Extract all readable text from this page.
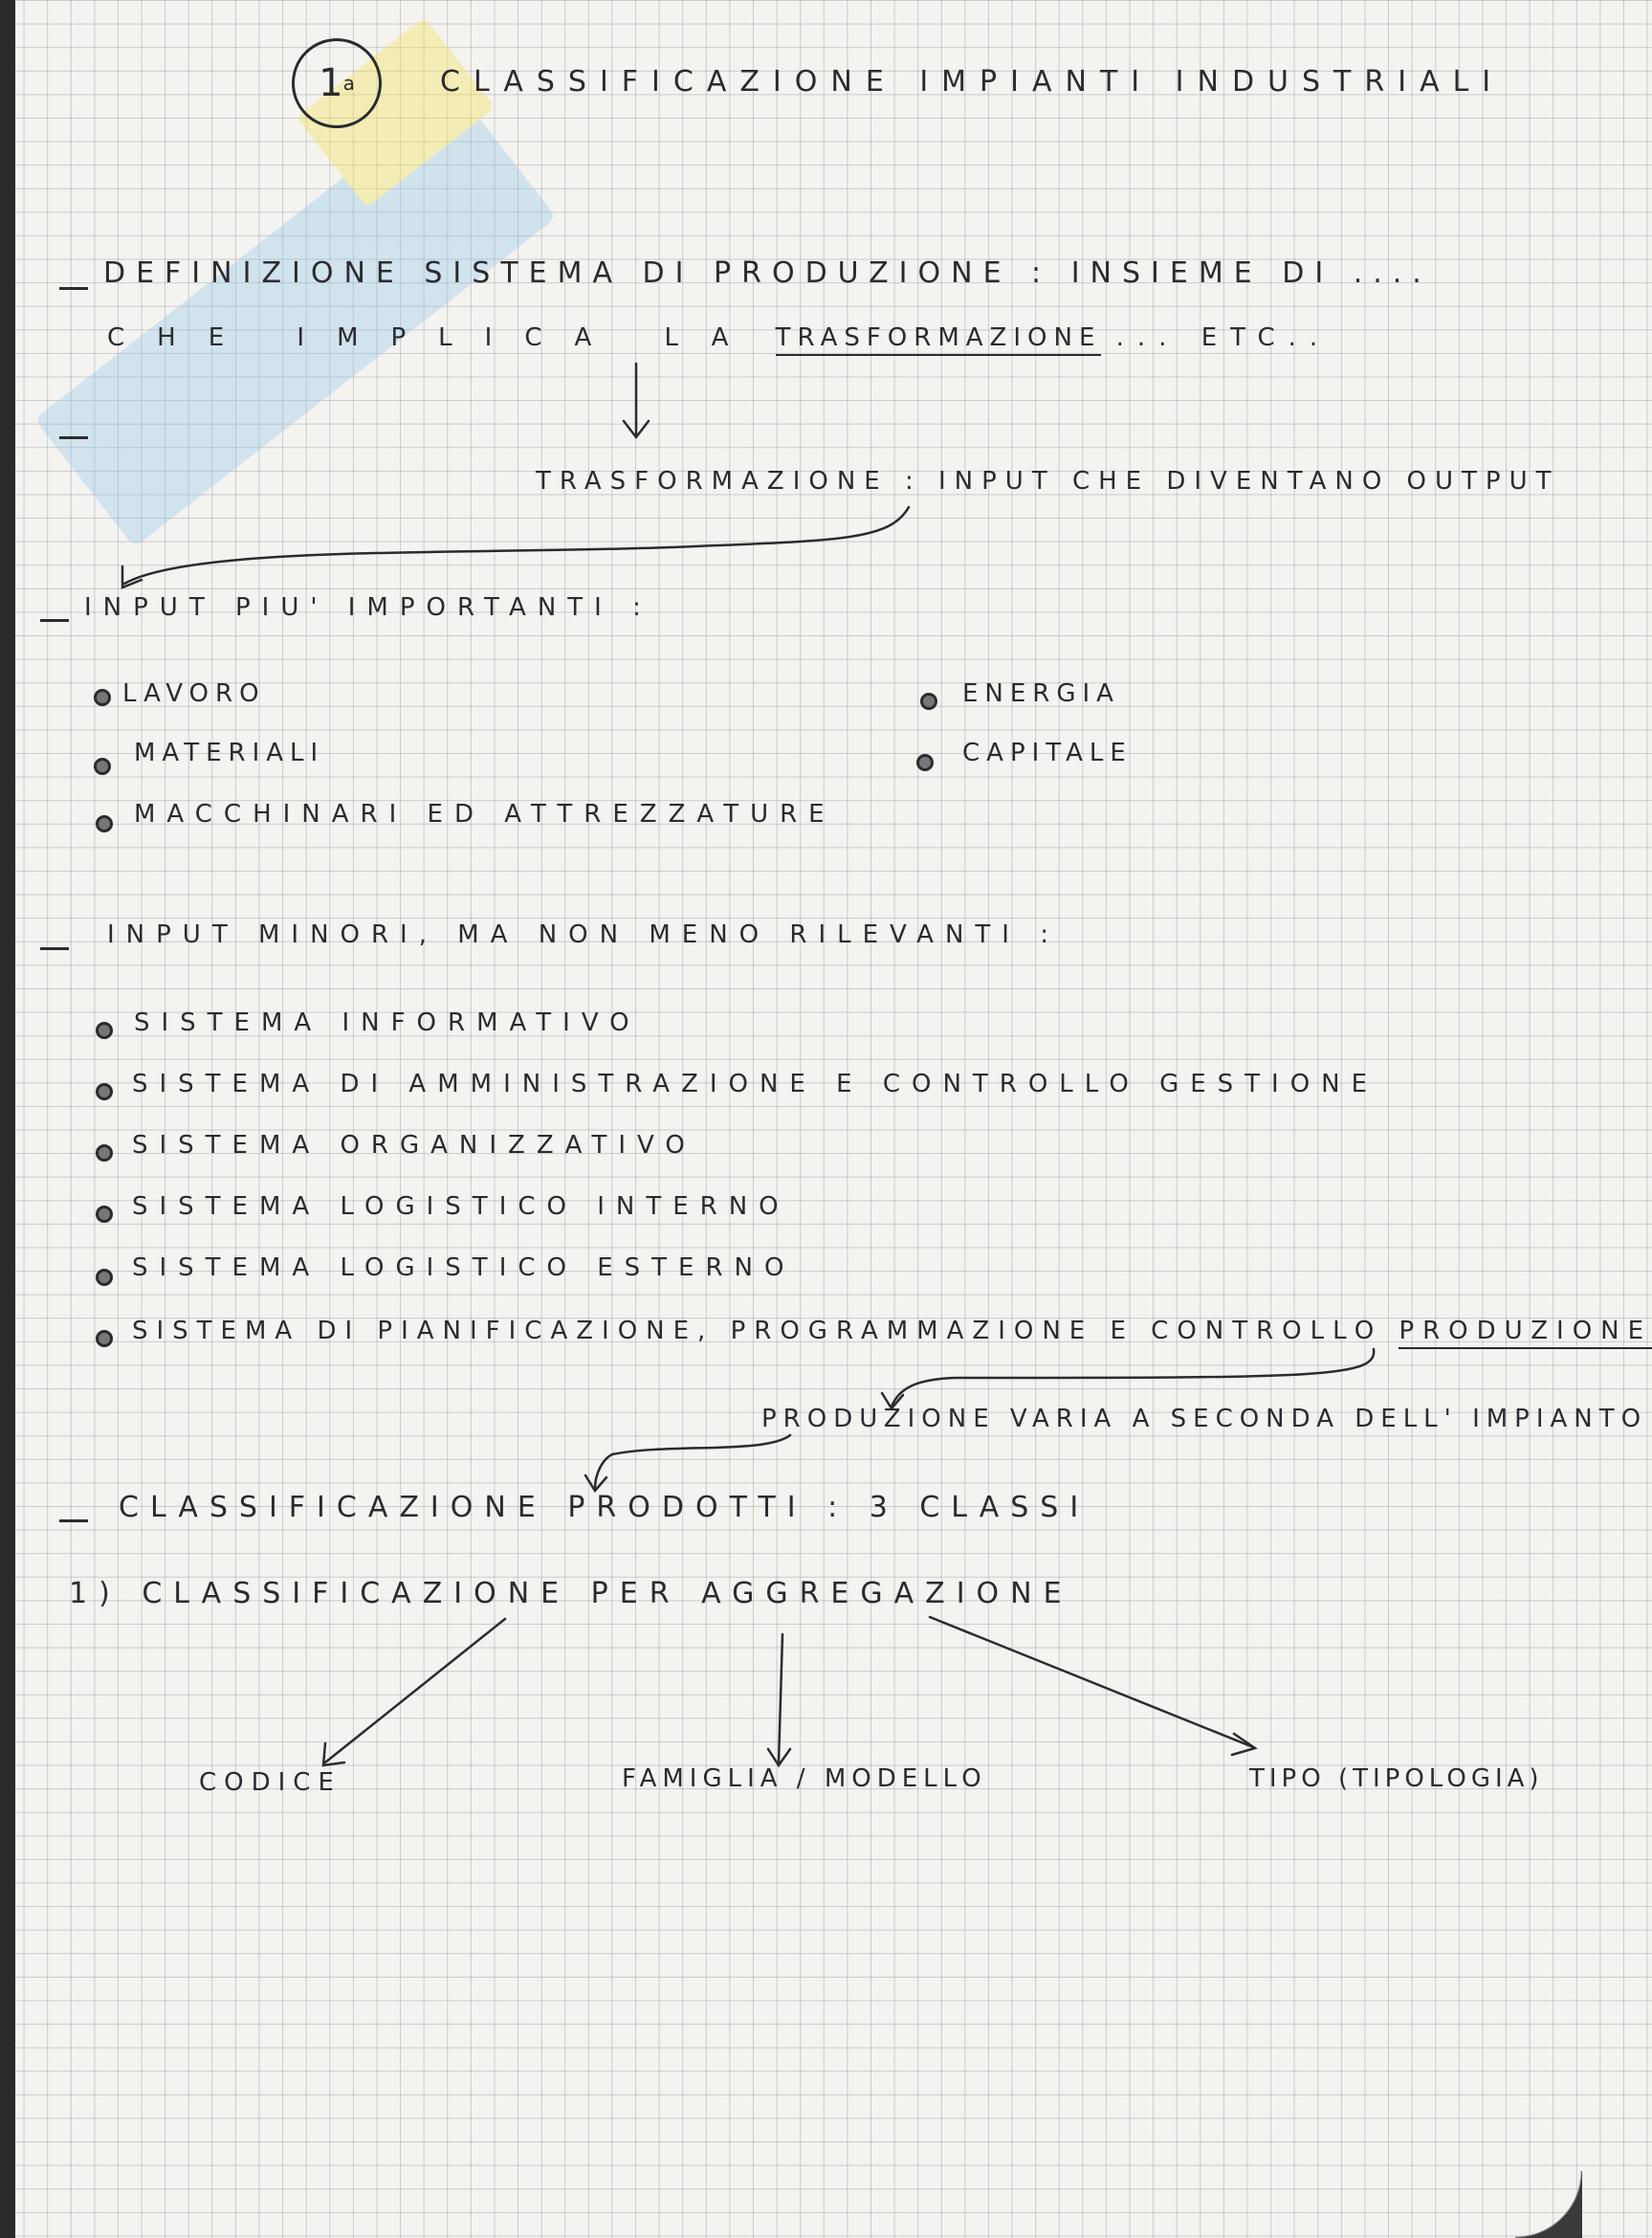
1 a	CLASSIFICAZIONE IMPIANTI INDUSTRIALI
DEFINIZIONE SISTEMA DI PRODUZIONE : INSIEME DI ....
CHE IMPLICA LA TRASFORMAZIONE ... ETC..
TRASFORMAZIONE : INPUT CHE DIVENTANO OUTPUT
INPUT PIU' IMPORTANTI :
LAVORO
MATERIALI
MACCHINARI ED ATTREZZATURE
ENERGIA
CAPITALE
INPUT MINORI, MA NON MENO RILEVANTI :
SISTEMA INFORMATIVO
SISTEMA DI AMMINISTRAZIONE E CONTROLLO GESTIONE
SISTEMA ORGANIZZATIVO
SISTEMA LOGISTICO INTERNO
SISTEMA LOGISTICO ESTERNO
SISTEMA DI PIANIFICAZIONE, PROGRAMMAZIONE E CONTROLLO PRODUZIONE
PRODUZIONE VARIA A SECONDA DELL' IMPIANTO
CLASSIFICAZIONE PRODOTTI : 3 CLASSI
1) CLASSIFICAZIONE PER AGGREGAZIONE
CODICE	FAMIGLIA / MODELLO	TIPO (TIPOLOGIA)
